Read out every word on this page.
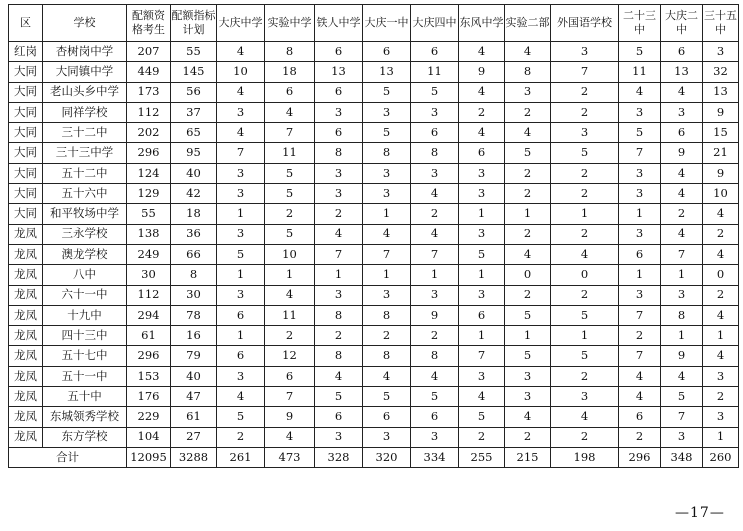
区	学校	配额资格考生	配额指标计划	大庆中学	实验中学	铁人中学	大庆一中	大庆四中	东风中学	实验二部	外国语学校	二十三中	大庆二中	三十五中
红岗	杏树岗中学	207	55	4	8	6	6	6	4	4	3	5	6	3
大同	大同镇中学	449	145	10	18	13	13	11	9	8	7	11	13	32
大同	老山头乡中学	173	56	4	6	6	5	5	4	3	2	4	4	13
大同	同祥学校	112	37	3	4	3	3	3	2	2	2	3	3	9
大同	三十二中	202	65	4	7	6	5	6	4	4	3	5	6	15
大同	三十三中学	296	95	7	11	8	8	8	6	5	5	7	9	21
大同	五十二中	124	40	3	5	3	3	3	3	2	2	3	4	9
大同	五十六中	129	42	3	5	3	3	4	3	2	2	3	4	10
大同	和平牧场中学	55	18	1	2	2	1	2	1	1	1	1	2	4
龙凤	三永学校	138	36	3	5	4	4	4	3	2	2	3	4	2
龙凤	澳龙学校	249	66	5	10	7	7	7	5	4	4	6	7	4
龙凤	八中	30	8	1	1	1	1	1	1	0	0	1	1	0
龙凤	六十一中	112	30	3	4	3	3	3	3	2	2	3	3	2
龙凤	十九中	294	78	6	11	8	8	9	6	5	5	7	8	4
龙凤	四十三中	61	16	1	2	2	2	2	1	1	1	2	1	1
龙凤	五十七中	296	79	6	12	8	8	8	7	5	5	7	9	4
龙凤	五十一中	153	40	3	6	4	4	4	3	3	2	4	4	3
龙凤	五十中	176	47	4	7	5	5	5	4	3	3	4	5	2
龙凤	东城领秀学校	229	61	5	9	6	6	6	5	4	4	6	7	3
龙凤	东方学校	104	27	2	4	3	3	3	2	2	2	2	3	1
合计		12095	3288	261	473	328	320	334	255	215	198	296	348	260
—17—
